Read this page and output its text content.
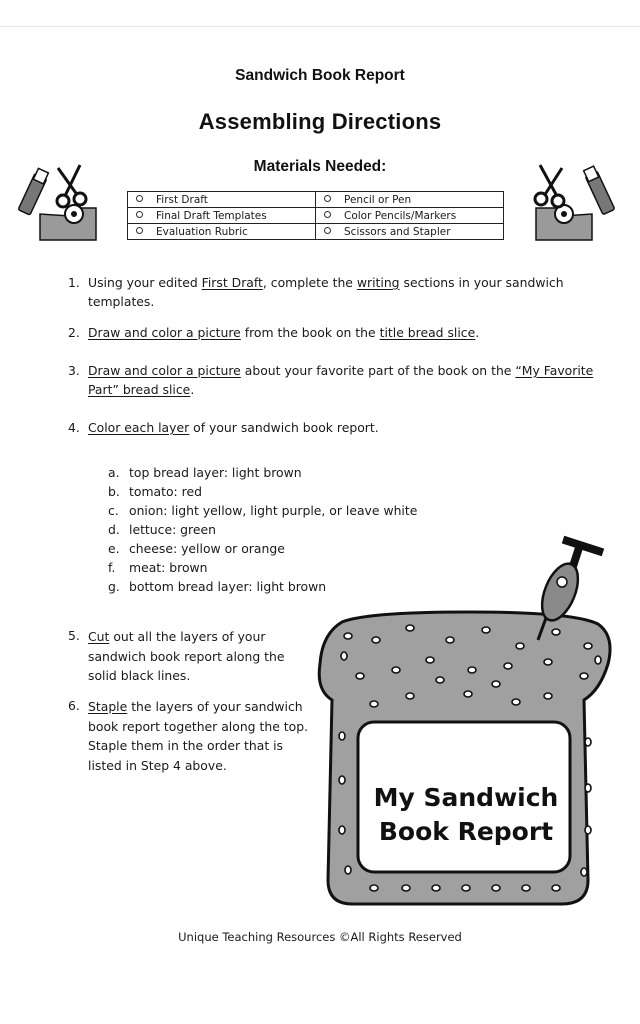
Sandwich Book Report
Assembling Directions
Materials Needed:
First Draft	Pencil or Pen
Final Draft Templates	Color Pencils/Markers
Evaluation Rubric	Scissors and Stapler
1. Using your edited First Draft, complete the writing sections in your sandwich
templates.
2. Draw and color a picture from the book on the title bread slice.
3. Draw and color a picture about your favorite part of the book on the “My Favorite
Part” bread slice.
4. Color each layer of your sandwich book report.
a. top bread layer: light brown
b. tomato: red
c. onion: light yellow, light purple, or leave white
d. lettuce: green
e. cheese: yellow or orange
f. meat: brown
g. bottom bread layer: light brown
5. Cut out all the layers of your
sandwich book report along the
solid black lines.
6. Staple the layers of your sandwich
book report together along the top.
Staple them in the order that is
listed in Step 4 above.
My Sandwich
Book Report
Unique Teaching Resources ©All Rights Reserved
